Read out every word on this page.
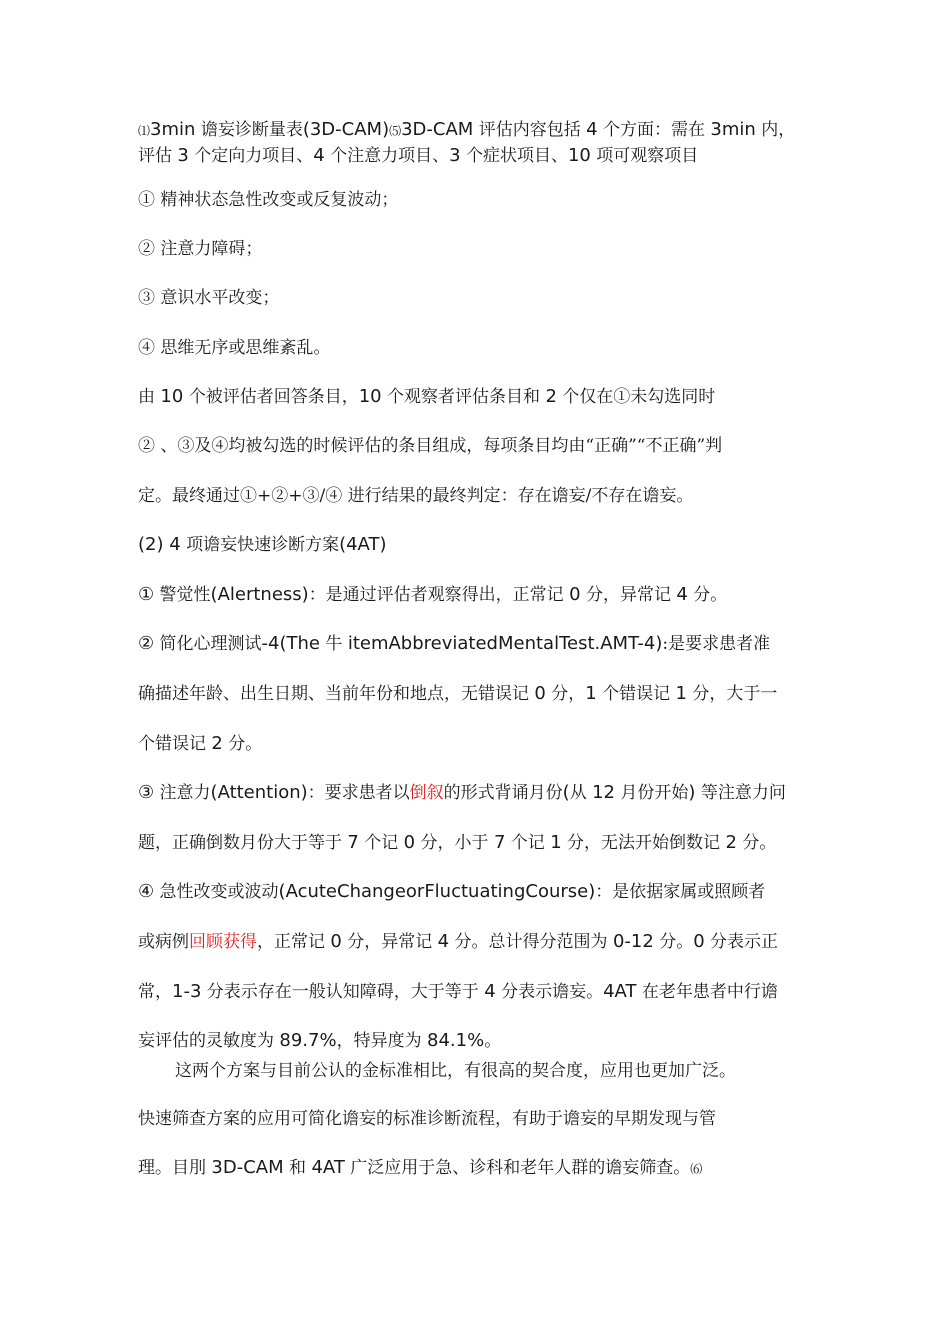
⑴3min 谵妄诊断量表(3D-CAM)⑸3D-CAM 评估内容包括 4 个方面：需在 3min 内，
评估 3 个定向力项目、4 个注意力项目、3 个症状项目、10 项可观察项目
① 精神状态急性改变或反复波动；
② 注意力障碍；
③ 意识水平改变；
④ 思维无序或思维紊乱。
由 10 个被评估者回答条目，10 个观察者评估条目和 2 个仅在①未勾选同时
② 、③及④均被勾选的时候评估的条目组成，每项条目均由“正确”“不正确”判
定。最终通过①+②+③/④ 进行结果的最终判定：存在谵妄/不存在谵妄。
(2) 4 项谵妄快速诊断方案(4AT)
① 警觉性(Alertness)：是通过评估者观察得出，正常记 0 分，异常记 4 分。
② 简化心理测试-4(The 牛 itemAbbreviatedMentalTest.AMT-4):是要求患者准
确描述年龄、出生日期、当前年份和地点，无错误记 0 分，1 个错误记 1 分，大于一
个错误记 2 分。
③ 注意力(Attention)：要求患者以倒叙的形式背诵月份(从 12 月份开始) 等注意力问
题，正确倒数月份大于等于 7 个记 0 分，小于 7 个记 1 分，无法开始倒数记 2 分。
④ 急性改变或波动(AcuteChangeorFluctuatingCourse)：是依据家属或照顾者
或病例回顾获得，正常记 0 分，异常记 4 分。总计得分范围为 0-12 分。0 分表示正
常，1-3 分表示存在一般认知障碍，大于等于 4 分表示谵妄。4AT 在老年患者中行谵
妄评估的灵敏度为 89.7%，特异度为 84.1%。
这两个方案与目前公认的金标准相比，有很高的契合度，应用也更加广泛。
快速筛查方案的应用可简化谵妄的标准诊断流程，有助于谵妄的早期发现与管
理。目刖 3D-CAM 和 4AT 广泛应用于急、诊科和老年人群的谵妄筛查。⑹
